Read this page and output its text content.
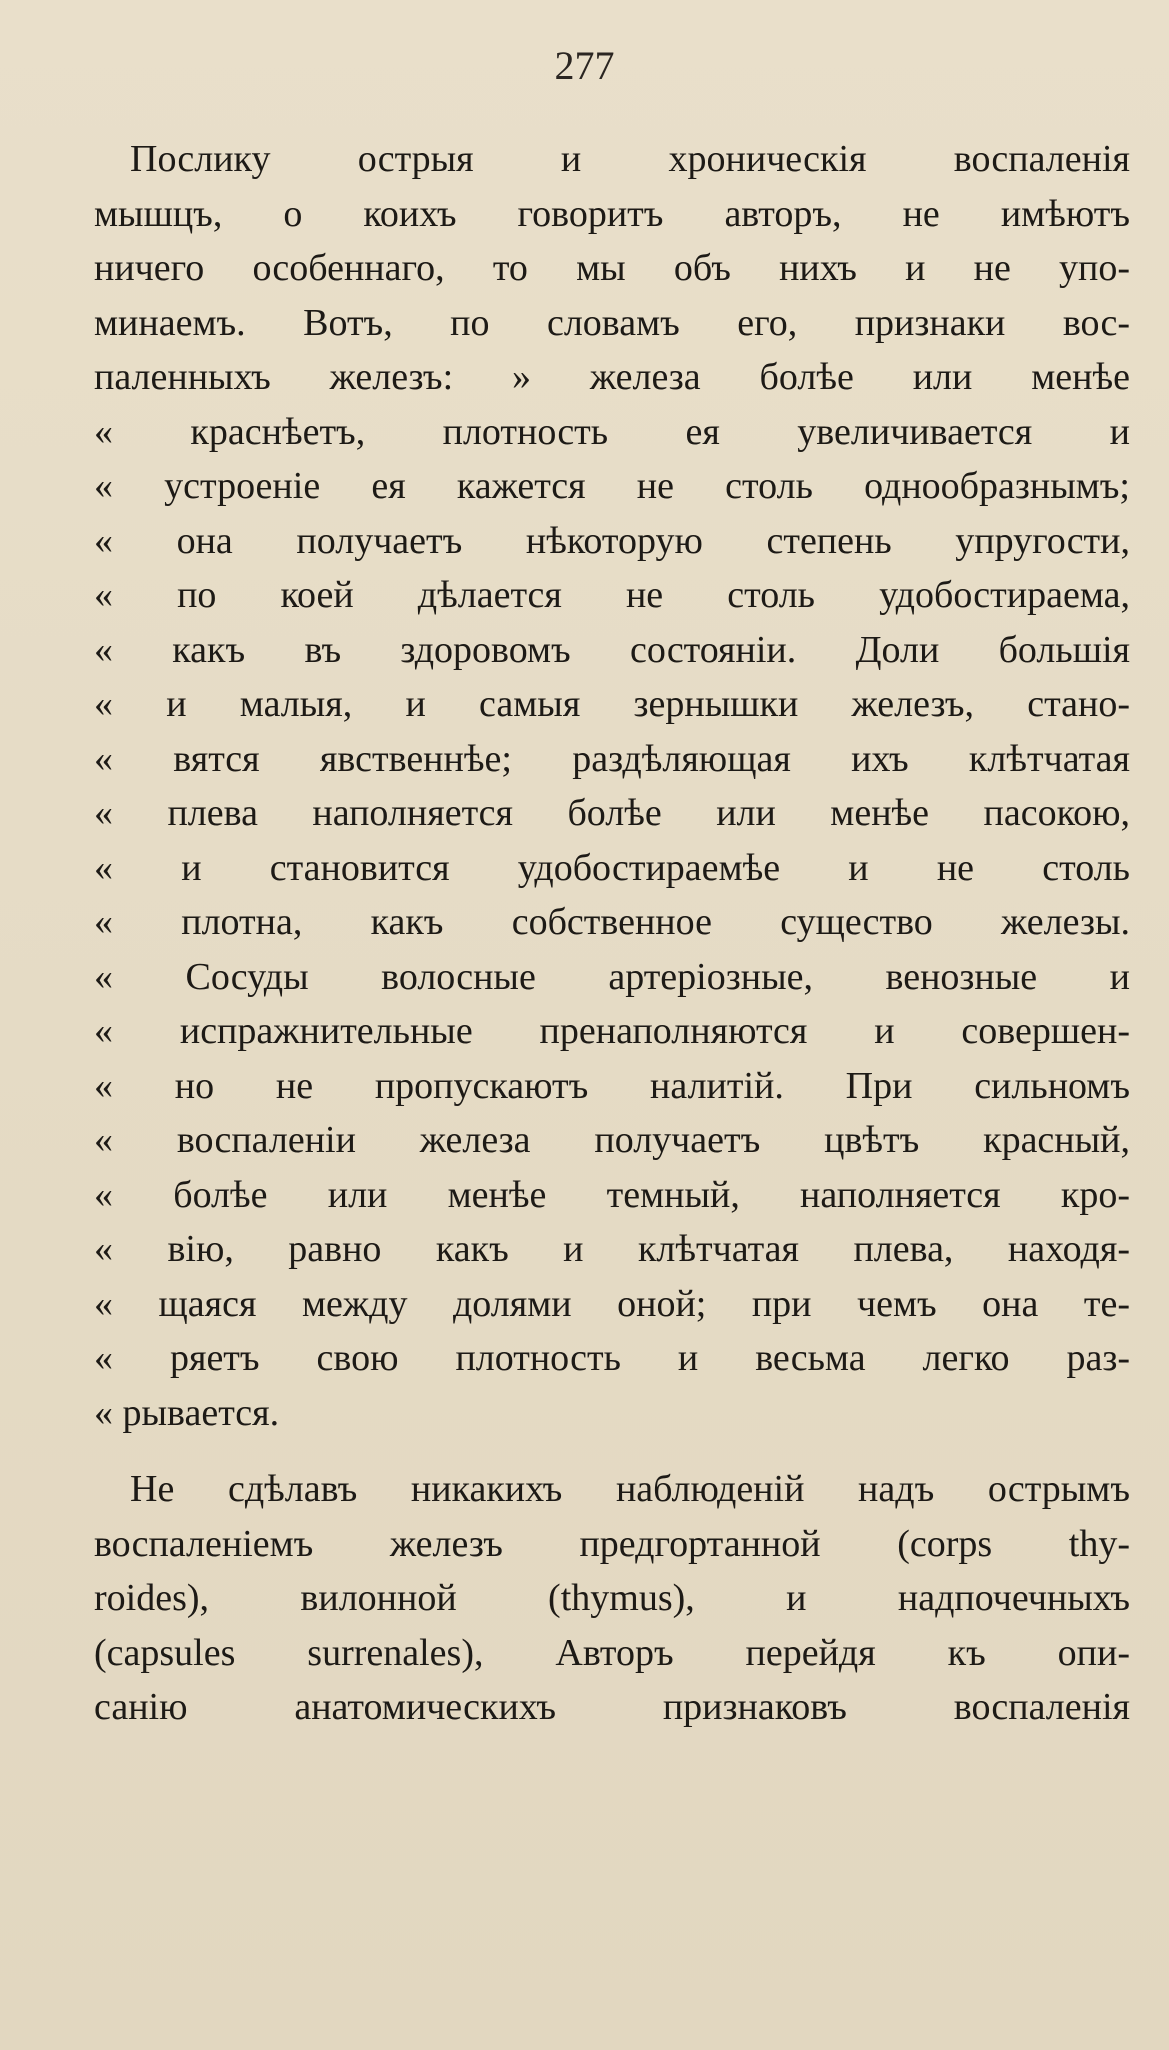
277
Послику острыя и хроническія воспаленія
мышцъ, о коихъ говоритъ авторъ, не имѣютъ
ничего особеннаго, то мы объ нихъ и не упо-
минаемъ. Вотъ, по словамъ его, признаки вос-
паленныхъ железъ: » железа болѣе или менѣе
« краснѣетъ, плотность ея увеличивается и
« устроеніе ея кажется не столь однообразнымъ;
« она получаетъ нѣкоторую степень упругости,
« по коей дѣлается не столь удобостираема,
« какъ въ здоровомъ состояніи. Доли большія
« и малыя, и самыя зернышки железъ, стано-
« вятся явственнѣе; раздѣляющая ихъ клѣтчатая
« плева наполняется болѣе или менѣе пасокою,
« и становится удобостираемѣе и не столь
« плотна, какъ собственное существо железы.
« Сосуды волосные артеріозные, венозные и
« испражнительные пренаполняются и совершен-
« но не пропускаютъ налитій. При сильномъ
« воспаленіи железа получаетъ цвѣтъ красный,
« болѣе или менѣе темный, наполняется кро-
« вію, равно какъ и клѣтчатая плева, находя-
« щаяся между долями оной; при чемъ она те-
« ряетъ свою плотность и весьма легко раз-
« рывается.
Не сдѣлавъ никакихъ наблюденій надъ острымъ
воспаленіемъ железъ предгортанной (corps thy-
roides), вилонной (thymus), и надпочечныхъ
(capsules surrenales), Авторъ перейдя къ опи-
санію анатомическихъ признаковъ воспаленія
